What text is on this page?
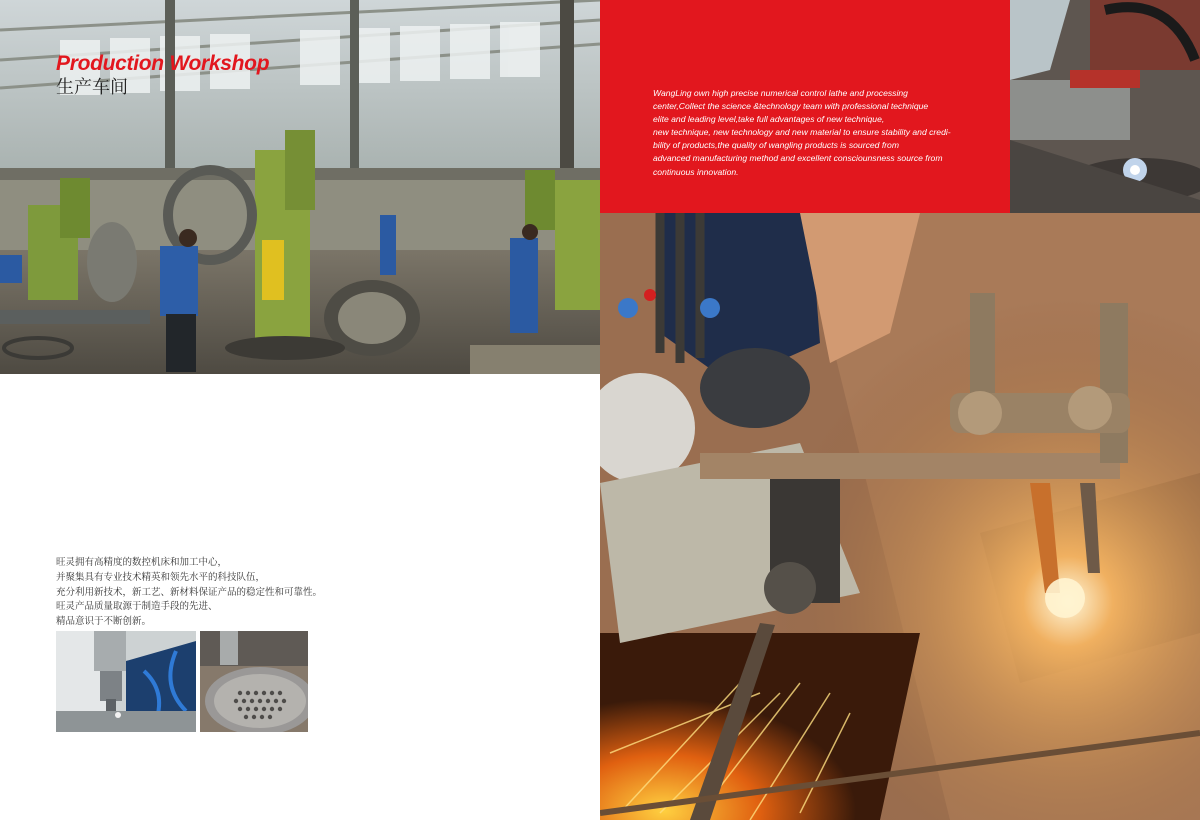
Production Workshop
生产车间
旺灵拥有高精度的数控机床和加工中心，
并聚集具有专业技术精英和领先水平的科技队伍，
充分利用新技术，新工艺、新材料保证产品的稳定性和可靠性。
旺灵产品质量取源于制造手段的先进、
精品意识于不断创新。
WangLing own high precise numerical control lathe and processing
center,Collect the science &technology team with professional technique
elite and leading level,take full advantages of new technique,
new technique, new technology and new material to ensure stability and credi-
bility of products,the quality of wangling products is sourced from
advanced manufacturing method and excellent consciounsness source from
continuous innovation.
